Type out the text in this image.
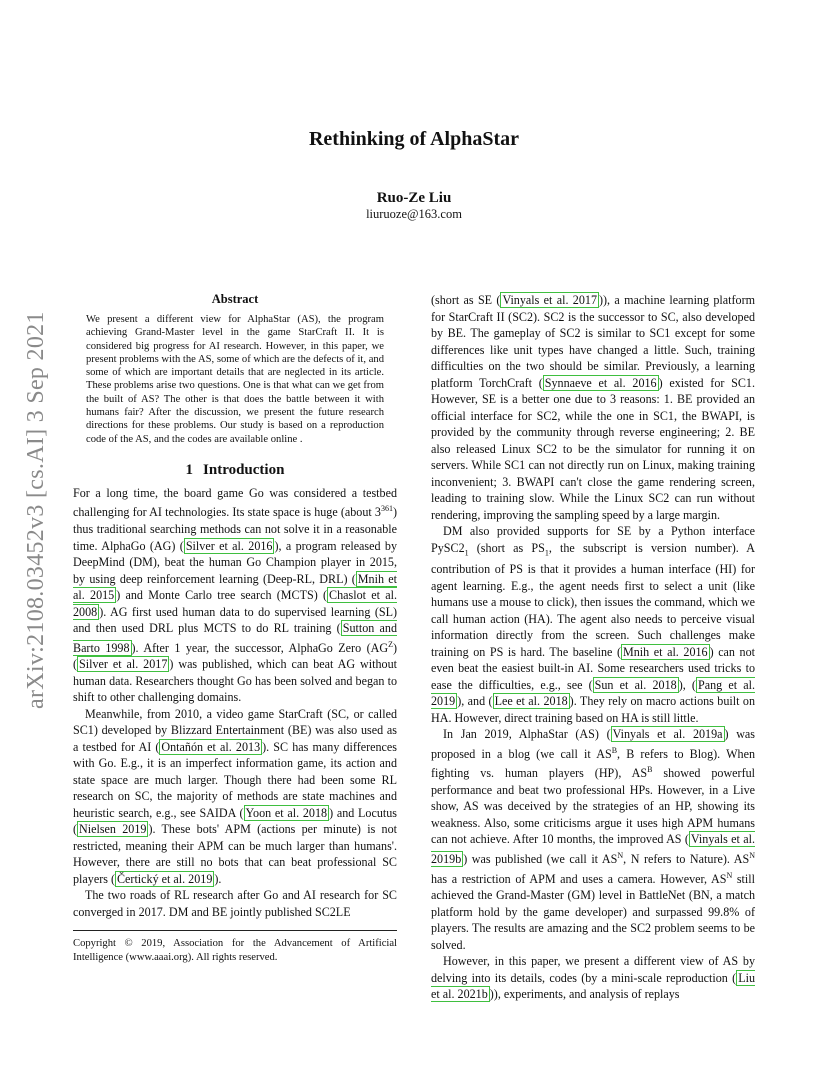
arXiv:2108.03452v3 [cs.AI] 3 Sep 2021
Rethinking of AlphaStar
Ruo-Ze Liu
liuruoze@163.com
Abstract
We present a different view for AlphaStar (AS), the program achieving Grand-Master level in the game StarCraft II. It is considered big progress for AI research. However, in this paper, we present problems with the AS, some of which are the defects of it, and some of which are important details that are neglected in its article. These problems arise two questions. One is that what can we get from the built of AS? The other is that does the battle between it with humans fair? After the discussion, we present the future research directions for these problems. Our study is based on a reproduction code of the AS, and the codes are available online .
1 Introduction

For a long time, the board game Go was considered a testbed challenging for AI technologies. Its state space is huge (about $3^{361}$) thus traditional searching methods can not solve it in a reasonable time. AlphaGo (AG) ( Silver et al. 2016 ), a program released by DeepMind (DM), beat the human Go Champion player in 2015, by using deep reinforcement learning (Deep-RL, DRL) ( Mnih et al. 2015 ) and Monte Carlo tree search (MCTS) ( Chaslot et al. 2008 ). AG first used human data to do supervised learning (SL) and then used DRL plus MCTS to do RL training ( Sutton and Barto 1998 ). After 1 year, the successor, AlphaGo Zero $(AG^Z)$ ( Silver et al. 2017 ) was published, which can beat AG without human data. Researchers thought Go has been solved and began to shift to other challenging domains.

Meanwhile, from 2010, a video game StarCraft (SC, or called SC1) developed by Blizzard Entertainment (BE) was also used as a testbed for AI ( Ontañón et al. 2013 ). SC has many differences with Go. E.g., it is an imperfect information game, its action and state space are much larger. Though there had been some RL research on SC, the majority of methods are state machines and heuristic search, e.g., see SAIDA ( Yoon et al. 2018 ) and Locutus ( Nielsen 2019 ). These bots' APM (actions per minute) is not restricted, meaning their APM can be much larger than humans'. However, there are still no bots that can beat professional SC players ( Čertický et al. 2019 ).

The two roads of RL research after Go and AI research for SC converged in 2017. DM and BE jointly published SC2LE

Copyright © 2019, Association for the Advancement of Artificial Intelligence (www.aaai.org). All rights reserved.

(short as SE ( Vinyals et al. 2017 )), a machine learning platform for StarCraft II (SC2). SC2 is the successor to SC, also developed by BE. The gameplay of SC2 is similar to SC1 except for some differences like unit types have changed a little. Such, training difficulties on the two should be similar. Previously, a learning platform TorchCraft ( Synnaeve et al. 2016 ) existed for SC1. However, SE is a better one due to 3 reasons: 1. BE provided an official interface for SC2, while the one in SC1, the BWAPI, is provided by the community through reverse engineering; 2. BE also released Linux SC2 to be the simulator for running it on servers. While SC1 can not directly run on Linux, making training inconvenient; 3. BWAPI can't close the game rendering screen, leading to training slow. While the Linux SC2 can run without rendering, improving the sampling speed by a large margin.

DM also provided supports for SE by a Python interface $PySC2_1$ (short as $PS_1$, the subscript is version number). A contribution of PS is that it provides a human interface (HI) for agent learning. E.g., the agent needs first to select a unit (like humans use a mouse to click), then issues the command, which we call human action (HA). The agent also needs to perceive visual information directly from the screen. Such challenges make training on PS is hard. The baseline ( Mnih et al. 2016 ) can not even beat the easiest built-in AI. Some researchers used tricks to ease the difficulties, e.g., see ( Sun et al. 2018 ), ( Pang et al. 2019 ), and ( Lee et al. 2018 ). They rely on macro actions built on HA. However, direct training based on HA is still little.

In Jan 2019, AlphaStar (AS) ( Vinyals et al. 2019a ) was proposed in a blog (we call it $AS^B$, B refers to Blog). When fighting vs. human players (HP), $AS^B$ showed powerful performance and beat two professional HPs. However, in a Live show, AS was deceived by the strategies of an HP, showing its weakness. Also, some criticisms argue it uses high APM humans can not achieve. After 10 months, the improved AS ( Vinyals et al. 2019b ) was published (we call it $AS^N$, N refers to Nature). $AS^N$ has a restriction of APM and uses a camera. However, $AS^N$ still achieved the Grand-Master (GM) level in BattleNet (BN, a match platform hold by the game developer) and surpassed 99.8% of players. The results are amazing and the SC2 problem seems to be solved.

However, in this paper, we present a different view of AS by delving into its details, codes (by a mini-scale reproduction ( Liu et al. 2021b )), experiments, and analysis of replays
